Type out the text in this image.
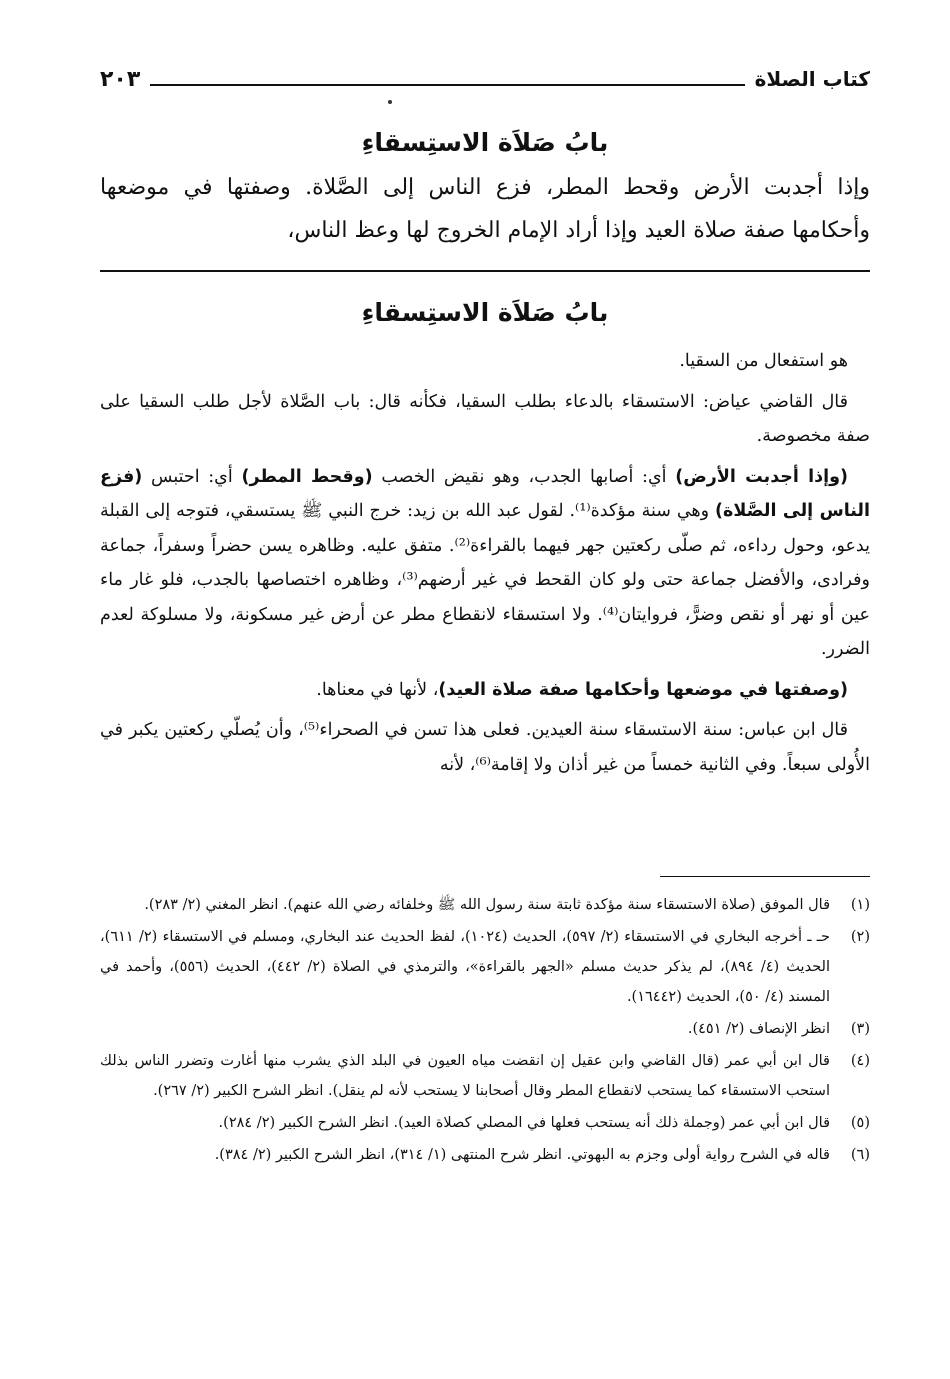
كتاب الصلاة
٢٠٣
بابُ صَلاَة الاستِسقاءِ
وإذا أجدبت الأرض وقحط المطر، فزع الناس إلى الصَّلاة. وصفتها في موضعها وأحكامها صفة صلاة العيد وإذا أراد الإمام الخروج لها وعظ الناس،
بابُ صَلاَة الاستِسقاءِ

هو استفعال من السقيا.

قال القاضي عياض: الاستسقاء بالدعاء بطلب السقيا، فكأنه قال: باب الصَّلاة لأجل طلب السقيا على صفة مخصوصة.

(وإذا أجدبت الأرض) أي: أصابها الجدب، وهو نقيض الخصب (وقحط المطر) أي: احتبس (فزع الناس إلى الصَّلاة) وهي سنة مؤكدة⁽¹⁾. لقول عبد الله بن زيد: خرج النبي ﷺ يستسقي، فتوجه إلى القبلة يدعو، وحول رداءه، ثم صلّى ركعتين جهر فيهما بالقراءة⁽²⁾. متفق عليه. وظاهره يسن حضراً وسفراً، جماعة وفرادى، والأفضل جماعة حتى ولو كان القحط في غير أرضهم⁽³⁾، وظاهره اختصاصها بالجدب، فلو غار ماء عين أو نهر أو نقص وضرًّ، فروايتان⁽⁴⁾. ولا استسقاء لانقطاع مطر عن أرض غير مسكونة، ولا مسلوكة لعدم الضرر.

(وصفتها في موضعها وأحكامها صفة صلاة العيد)، لأنها في معناها.

قال ابن عباس: سنة الاستسقاء سنة العيدين. فعلى هذا تسن في الصحراء⁽⁵⁾، وأن يُصلّي ركعتين يكبر في الأُولى سبعاً. وفي الثانية خمساً من غير أذان ولا إقامة⁽⁶⁾، لأنه

(١)
قال الموفق (صلاة الاستسقاء سنة مؤكدة ثابتة سنة رسول الله ﷺ وخلفائه رضي الله عنهم). انظر المغني (٢/ ٢٨٣).
(٢)
حـ ـ أخرجه البخاري في الاستسقاء (٢/ ٥٩٧)، الحديث (١٠٢٤)، لفظ الحديث عند البخاري، ومسلم في الاستسقاء (٢/ ٦١١)، الحديث (٤/ ٨٩٤)، لم يذكر حديث مسلم «الجهر بالقراءة»، والترمذي في الصلاة (٢/ ٤٤٢)، الحديث (٥٥٦)، وأحمد في المسند (٤/ ٥٠)، الحديث (١٦٤٤٢).
(٣)
انظر الإنصاف (٢/ ٤٥١).
(٤)
قال ابن أبي عمر (قال القاضي وابن عقيل إن انقضت مياه العيون في البلد الذي يشرب منها أغارت وتضرر الناس بذلك استحب الاستسقاء كما يستحب لانقطاع المطر وقال أصحابنا لا يستحب لأنه لم ينقل). انظر الشرح الكبير (٢/ ٢٦٧).
(٥)
قال ابن أبي عمر (وجملة ذلك أنه يستحب فعلها في المصلي كصلاة العيد). انظر الشرح الكبير (٢/ ٢٨٤).
(٦)
قاله في الشرح رواية أولى وجزم به البهوتي. انظر شرح المنتهى (١/ ٣١٤)، انظر الشرح الكبير (٢/ ٣٨٤).
